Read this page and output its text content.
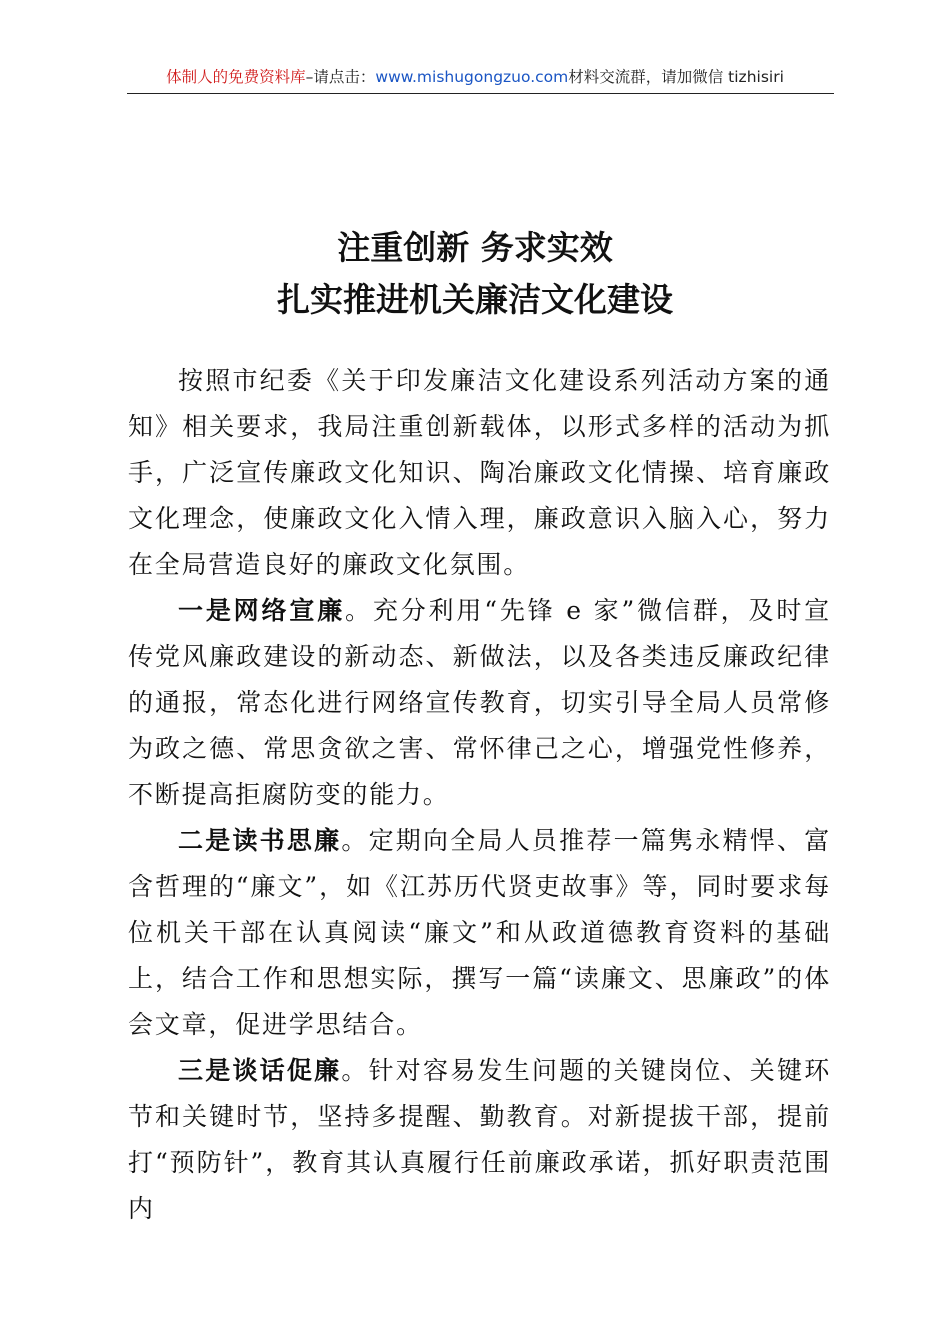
体制人的免费资料库–请点击：www.mishugongzuo.com材料交流群，请加微信 tizhisiri
注重创新 务求实效
扎实推进机关廉洁文化建设

按照市纪委《关于印发廉洁文化建设系列活动方案的通知》相关要求，我局注重创新载体，以形式多样的活动为抓手，广泛宣传廉政文化知识、陶冶廉政文化情操、培育廉政文化理念，使廉政文化入情入理，廉政意识入脑入心，努力在全局营造良好的廉政文化氛围。

一是网络宣廉。充分利用“先锋 e 家”微信群，及时宣传党风廉政建设的新动态、新做法，以及各类违反廉政纪律的通报，常态化进行网络宣传教育，切实引导全局人员常修为政之德、常思贪欲之害、常怀律己之心，增强党性修养，不断提高拒腐防变的能力。

二是读书思廉。定期向全局人员推荐一篇隽永精悍、富含哲理的“廉文”，如《江苏历代贤吏故事》等，同时要求每位机关干部在认真阅读“廉文”和从政道德教育资料的基础上，结合工作和思想实际，撰写一篇“读廉文、思廉政”的体会文章，促进学思结合。

三是谈话促廉。针对容易发生问题的关键岗位、关键环节和关键时节，坚持多提醒、勤教育。对新提拔干部，提前打“预防针”，教育其认真履行任前廉政承诺，抓好职责范围内
